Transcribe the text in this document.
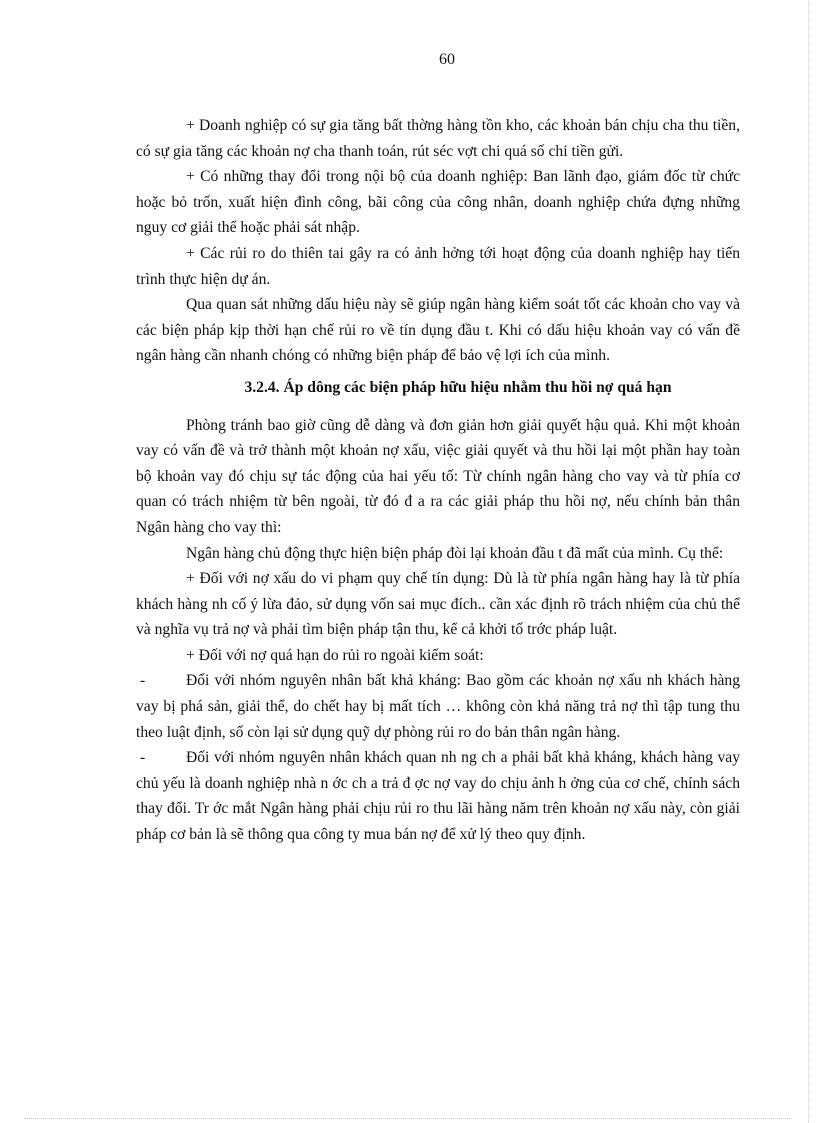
60

+ Doanh nghiệp có sự gia tăng bất thờng hàng tồn kho, các khoản bán chịu cha thu tiền, có sự gia tăng các khoản nợ cha thanh toán, rút séc vợt chi quá số chi tiền gửi.

+ Có những thay đổi trong nội bộ của doanh nghiệp: Ban lãnh đạo, giám đốc từ chức hoặc bỏ trốn, xuất hiện đình công, bãi công của công nhân, doanh nghiệp chứa đựng những nguy cơ giải thể hoặc phải sát nhập.

+ Các rủi ro do thiên tai gây ra có ảnh hởng tới hoạt động của doanh nghiệp hay tiến trình thực hiện dự án.

Qua quan sát những dấu hiệu này sẽ giúp ngân hàng kiểm soát tốt các khoản cho vay và các biện pháp kịp thời hạn chế rủi ro về tín dụng đầu t. Khi có dấu hiệu khoản vay có vấn đề ngân hàng cần nhanh chóng có những biện pháp để bảo vệ lợi ích của mình.

3.2.4. Áp dông các biện pháp hữu hiệu nhằm thu hồi nợ quá hạn

Phòng tránh bao giờ cũng dễ dàng và đơn giản hơn giải quyết hậu quả. Khi một khoản vay có vấn đề và trở thành một khoản nợ xấu, việc giải quyết và thu hồi lại một phần hay toàn bộ khoản vay đó chịu sự tác động của hai yếu tố: Từ chính ngân hàng cho vay và từ phía cơ quan có trách nhiệm từ bên ngoài, từ đó đ a ra các giải pháp thu hồi nợ, nếu chính bản thân Ngân hàng cho vay thì:

Ngân hàng chủ động thực hiện biện pháp đòi lại khoản đầu t đã mất của mình. Cụ thể:

+ Đối với nợ xấu do vi phạm quy chế tín dụng: Dù là từ phía ngân hàng hay là từ phía khách hàng nh cố ý lừa đảo, sử dụng vốn sai mục đích.. cần xác định rõ trách nhiệm của chủ thể và nghĩa vụ trả nợ và phải tìm biện pháp tận thu, kể cả khởi tố trớc pháp luật.

+ Đối với nợ quá hạn do rủi ro ngoài kiểm soát:

-	Đối với nhóm nguyên nhân bất khả kháng: Bao gồm các khoản nợ xấu nh khách hàng vay bị phá sản, giải thể, do chết hay bị mất tích … không còn khả năng trả nợ thì tập tung thu theo luật định, số còn lại sử dụng quỹ dự phòng rủi ro do bản thân ngân hàng.

-	Đối với nhóm nguyên nhân khách quan nh ng ch a phải bất khả kháng, khách hàng vay chủ yếu là doanh nghiệp nhà n ớc ch a trả đ ợc nợ vay do chịu ảnh h ởng của cơ chế, chính sách thay đổi. Tr ớc mắt Ngân hàng phải chịu rủi ro thu lãi hàng năm trên khoản nợ xấu này, còn giải pháp cơ bản là sẽ thông qua công ty mua bán nợ để xử lý theo quy định.
